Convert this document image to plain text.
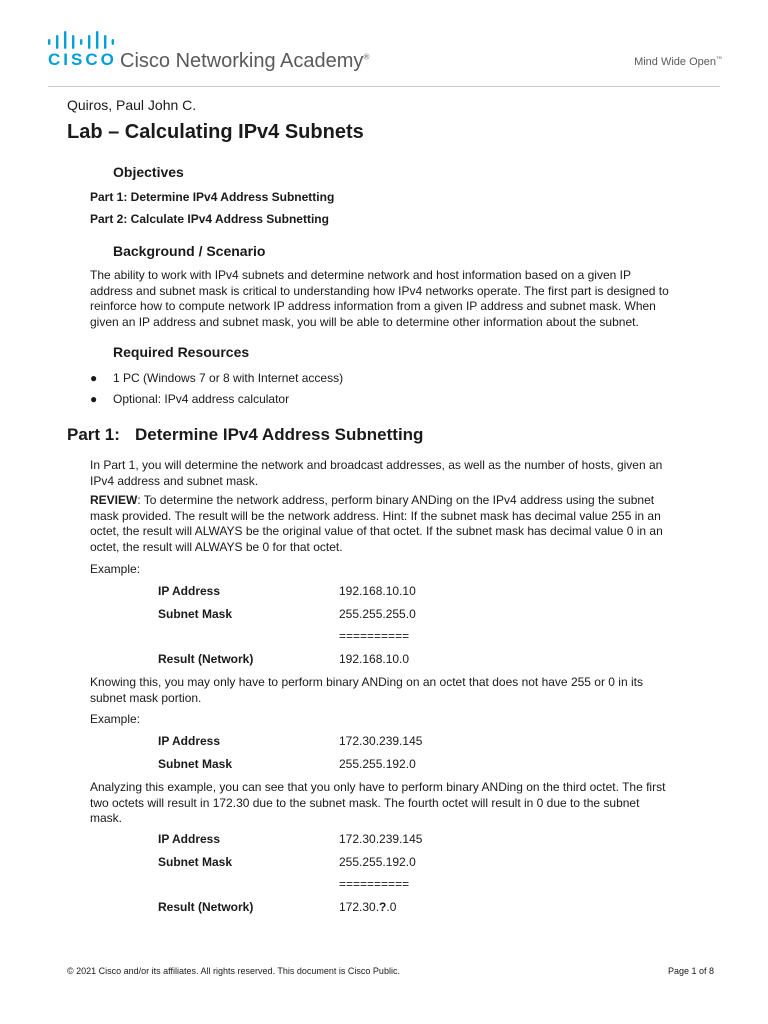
CISCO Cisco Networking Academy®	Mind Wide Open™
Quiros, Paul John C.
Lab – Calculating IPv4 Subnets
Objectives
Part 1: Determine IPv4 Address Subnetting
Part 2: Calculate IPv4 Address Subnetting
Background / Scenario
The ability to work with IPv4 subnets and determine network and host information based on a given IP
address and subnet mask is critical to understanding how IPv4 networks operate. The first part is designed to
reinforce how to compute network IP address information from a given IP address and subnet mask. When
given an IP address and subnet mask, you will be able to determine other information about the subnet.
Required Resources
● 1 PC (Windows 7 or 8 with Internet access)
● Optional: IPv4 address calculator
Part 1: Determine IPv4 Address Subnetting
In Part 1, you will determine the network and broadcast addresses, as well as the number of hosts, given an
IPv4 address and subnet mask.
REVIEW: To determine the network address, perform binary ANDing on the IPv4 address using the subnet
mask provided. The result will be the network address. Hint: If the subnet mask has decimal value 255 in an
octet, the result will ALWAYS be the original value of that octet. If the subnet mask has decimal value 0 in an
octet, the result will ALWAYS be 0 for that octet.
Example:
IP Address	192.168.10.10
Subnet Mask	255.255.255.0
==========
Result (Network)	192.168.10.0
Knowing this, you may only have to perform binary ANDing on an octet that does not have 255 or 0 in its
subnet mask portion.
Example:
IP Address	172.30.239.145
Subnet Mask	255.255.192.0
Analyzing this example, you can see that you only have to perform binary ANDing on the third octet. The first
two octets will result in 172.30 due to the subnet mask. The fourth octet will result in 0 due to the subnet
mask.
IP Address	172.30.239.145
Subnet Mask	255.255.192.0
==========
Result (Network)	172.30.?.0
© 2021 Cisco and/or its affiliates. All rights reserved. This document is Cisco Public.	Page 1 of 8
